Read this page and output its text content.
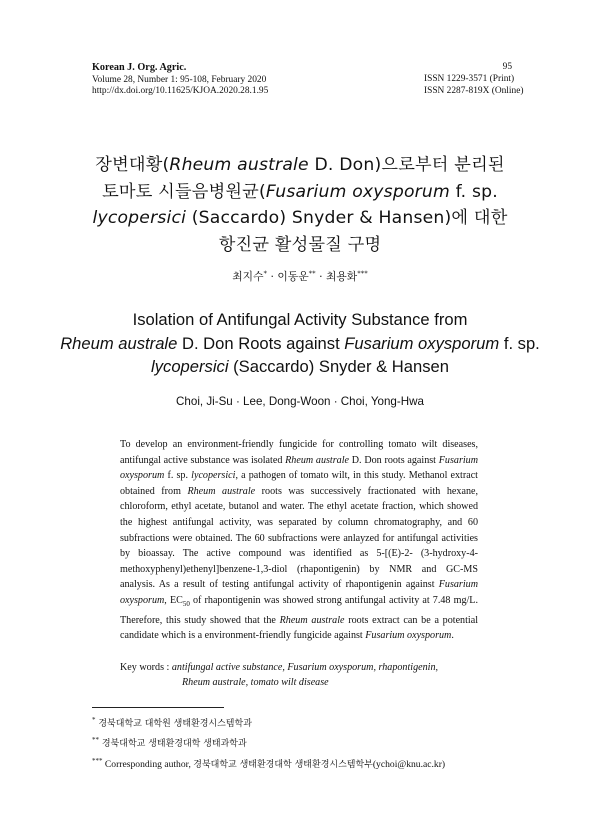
Korean J. Org. Agric.
Volume 28, Number 1: 95-108, February 2020
http://dx.doi.org/10.11625/KJOA.2020.28.1.95
95
ISSN 1229-3571 (Print)
ISSN 2287-819X (Online)
장변대황(Rheum australe D. Don)으로부터 분리된
토마토 시들음병원균(Fusarium oxysporum f. sp.
lycopersici (Saccardo) Snyder & Hansen)에 대한
항진균 활성물질 구명
최지수* · 이동운** · 최용화***
Isolation of Antifungal Activity Substance from
Rheum australe D. Don Roots against Fusarium oxysporum f. sp.
lycopersici (Saccardo) Snyder & Hansen
Choi, Ji-Su · Lee, Dong-Woon · Choi, Yong-Hwa
To develop an environment-friendly fungicide for controlling tomato wilt diseases, antifungal active substance was isolated Rheum australe D. Don roots against Fusarium oxysporum f. sp. lycopersici, a pathogen of tomato wilt, in this study. Methanol extract obtained from Rheum australe roots was successively fractionated with hexane, chloroform, ethyl acetate, butanol and water. The ethyl acetate fraction, which showed the highest antifungal activity, was separated by column chromatography, and 60 subfractions were obtained. The 60 subfractions were anlayzed for antifungal activities by bioassay. The active compound was identified as 5-[(E)-2- (3-hydroxy-4-methoxyphenyl)ethenyl]benzene-1,3-diol (rhapontigenin) by NMR and GC-MS analysis. As a result of testing antifungal activity of rhapontigenin against Fusarium oxysporum, $EC_{50}$ of rhapontigenin was showed strong antifungal activity at 7.48 mg/L. Therefore, this study showed that the Rheum australe roots extract can be a potential candidate which is a environment-friendly fungicide against Fusarium oxysporum.
Key words : antifungal active substance, Fusarium oxysporum, rhapontigenin,
Rheum australe, tomato wilt disease
* 경북대학교 대학원 생태환경시스템학과
** 경북대학교 생태환경대학 생태과학과
*** Corresponding author, 경북대학교 생태환경대학 생태환경시스템학부(ychoi@knu.ac.kr)
